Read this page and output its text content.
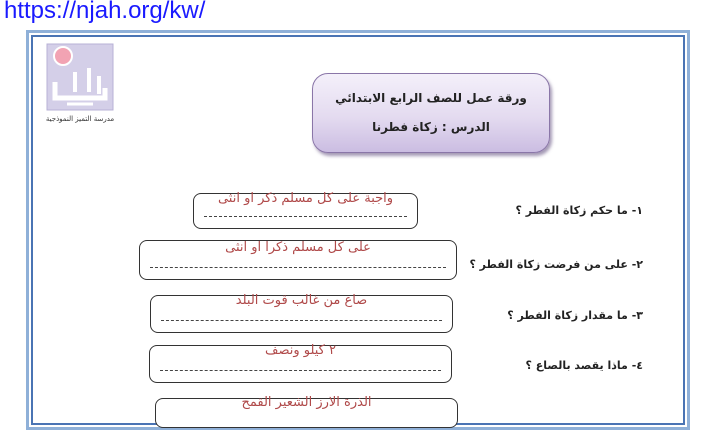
https://njah.org/kw/

مدرسة التميز النموذجية

ورقة عمل للصف الرابع الابتدائي

الدرس : زكاة فطرنا

١- ما حكم زكاة الفطر ؟

واجبة على كل مسلم ذكر او انثى

٢- على من فرضت زكاة الفطر ؟

على كل مسلم ذكرا او انثى

٣- ما مقدار زكاة الفطر ؟

صاع من غالب قوت البلد

٤- ماذا يقصد بالصاع ؟

٢ كيلو ونصف

الذرة الارز الشعير القمح
